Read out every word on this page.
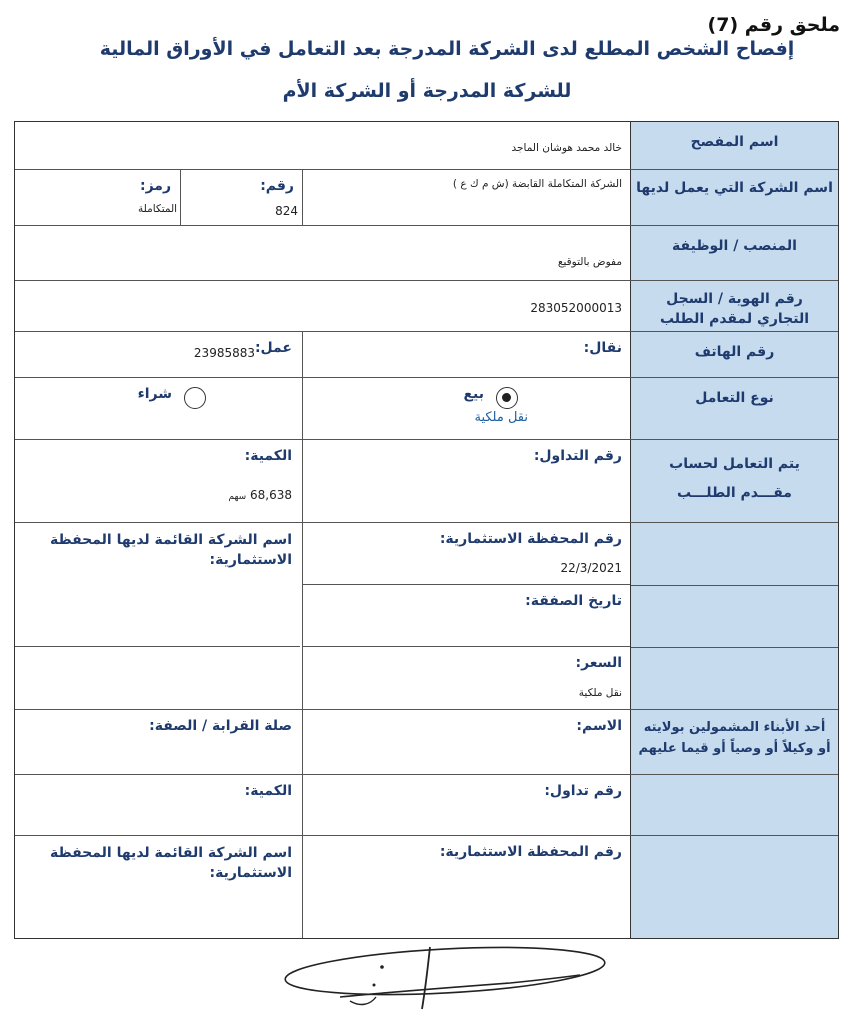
ملحق رقم (7)
إفصاح الشخص المطلع لدى الشركة المدرجة بعد التعامل في الأوراق المالية
للشركة المدرجة أو الشركة الأم
اسم المفصح
خالد محمد هوشان الماجد
اسم الشركة التي يعمل لديها
الشركة المتكاملة القابضة (ش م ك ع )
رقم:
824
رمز:
المتكاملة
المنصب / الوظيفة
مفوض بالتوقيع
رقم الهوية / السجل التجاري لمقدم الطلب
283052000013
رقم الهاتف
نقال:
عمل:
23985883
نوع التعامل
بيع
نقل ملكية
شراء
يتم التعامل لحساب
مقـــدم الطلـــب
رقم التداول:
الكمية:
68,638 سهم
رقم المحفظة الاستثمارية:
22/3/2021
تاريخ الصفقة:
السعر:
نقل ملكية
اسم الشركة القائمة لديها المحفظة الاستثمارية:
أحد الأبناء المشمولين بولايته أو وكيلاً أو وصياً أو قيما عليهم
الاسم:
صلة القرابة / الصفة:
رقم تداول:
الكمية:
رقم المحفظة الاستثمارية:
اسم الشركة القائمة لديها المحفظة الاستثمارية:
